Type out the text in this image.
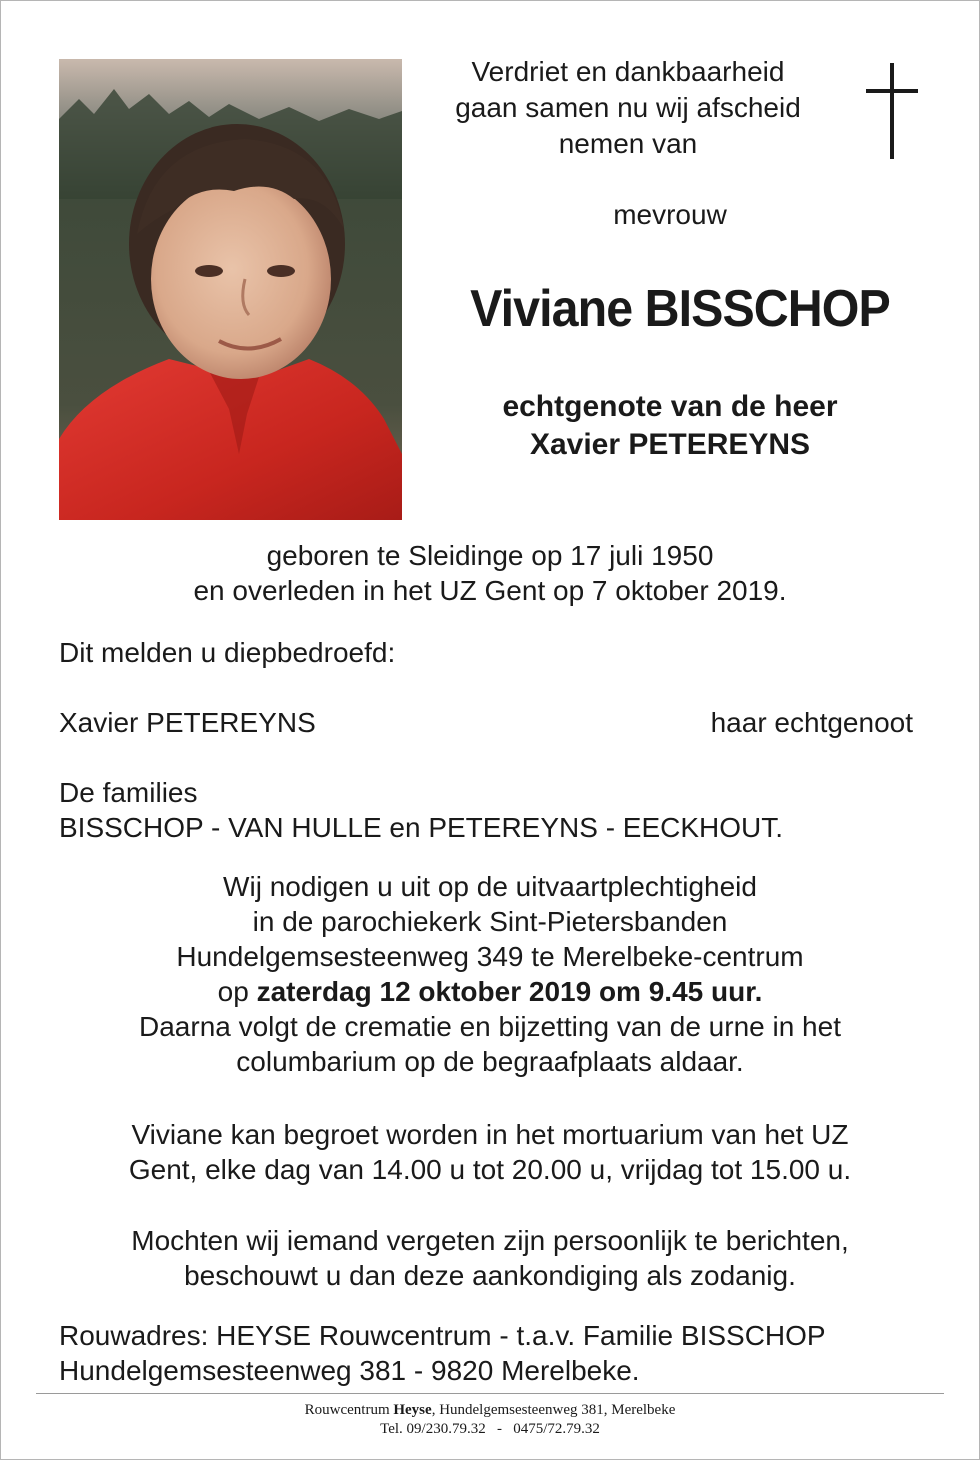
Verdriet en dankbaarheid
gaan samen nu wij afscheid
nemen van
mevrouw
Viviane BISSCHOP
echtgenote van de heer
Xavier PETEREYNS
geboren te Sleidinge op 17 juli 1950
en overleden in het UZ Gent op 7 oktober 2019.
Dit melden u diepbedroefd:
Xavier PETEREYNS	haar echtgenoot
De families
BISSCHOP - VAN HULLE en PETEREYNS - EECKHOUT.
Wij nodigen u uit op de uitvaartplechtigheid
in de parochiekerk Sint-Pietersbanden
Hundelgemsesteenweg 349 te Merelbeke-centrum
op zaterdag 12 oktober 2019 om 9.45 uur.
Daarna volgt de crematie en bijzetting van de urne in het
columbarium op de begraafplaats aldaar.
Viviane kan begroet worden in het mortuarium van het UZ
Gent, elke dag van 14.00 u tot 20.00 u, vrijdag tot 15.00 u.
Mochten wij iemand vergeten zijn persoonlijk te berichten,
beschouwt u dan deze aankondiging als zodanig.
Rouwadres: HEYSE Rouwcentrum - t.a.v. Familie BISSCHOP
Hundelgemsesteenweg 381 - 9820 Merelbeke.
Rouwcentrum Heyse, Hundelgemsesteenweg 381, Merelbeke
Tel. 09/230.79.32   -   0475/72.79.32
